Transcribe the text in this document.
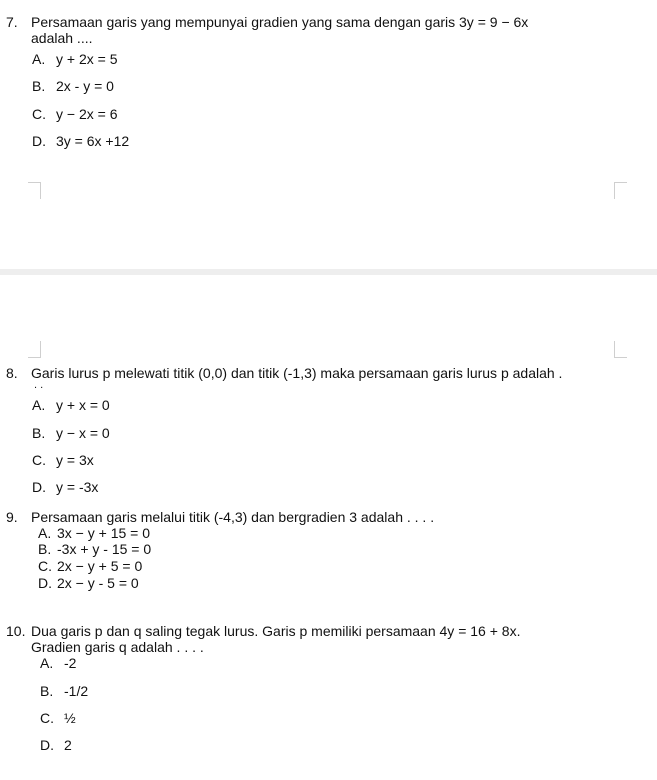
7. Persamaan garis yang mempunyai gradien yang sama dengan garis 3y = 9 − 6x
adalah ....
A. y + 2x = 5
B. 2x - y = 0
C. y − 2x = 6
D. 3y = 6x +12
8. Garis lurus p melewati titik (0,0) dan titik (-1,3) maka persamaan garis lurus p adalah .
. .
A. y + x = 0
B. y − x = 0
C. y = 3x
D. y = -3x
9. Persamaan garis melalui titik (-4,3) dan bergradien 3 adalah . . . .
A. 3x − y + 15 = 0
B. -3x + y - 15 = 0
C. 2x − y + 5 = 0
D. 2x − y - 5 = 0
10. Dua garis p dan q saling tegak lurus. Garis p memiliki persamaan 4y = 16 + 8x.
Gradien garis q adalah . . . .
A. -2
B. -1/2
C. ½
D. 2
